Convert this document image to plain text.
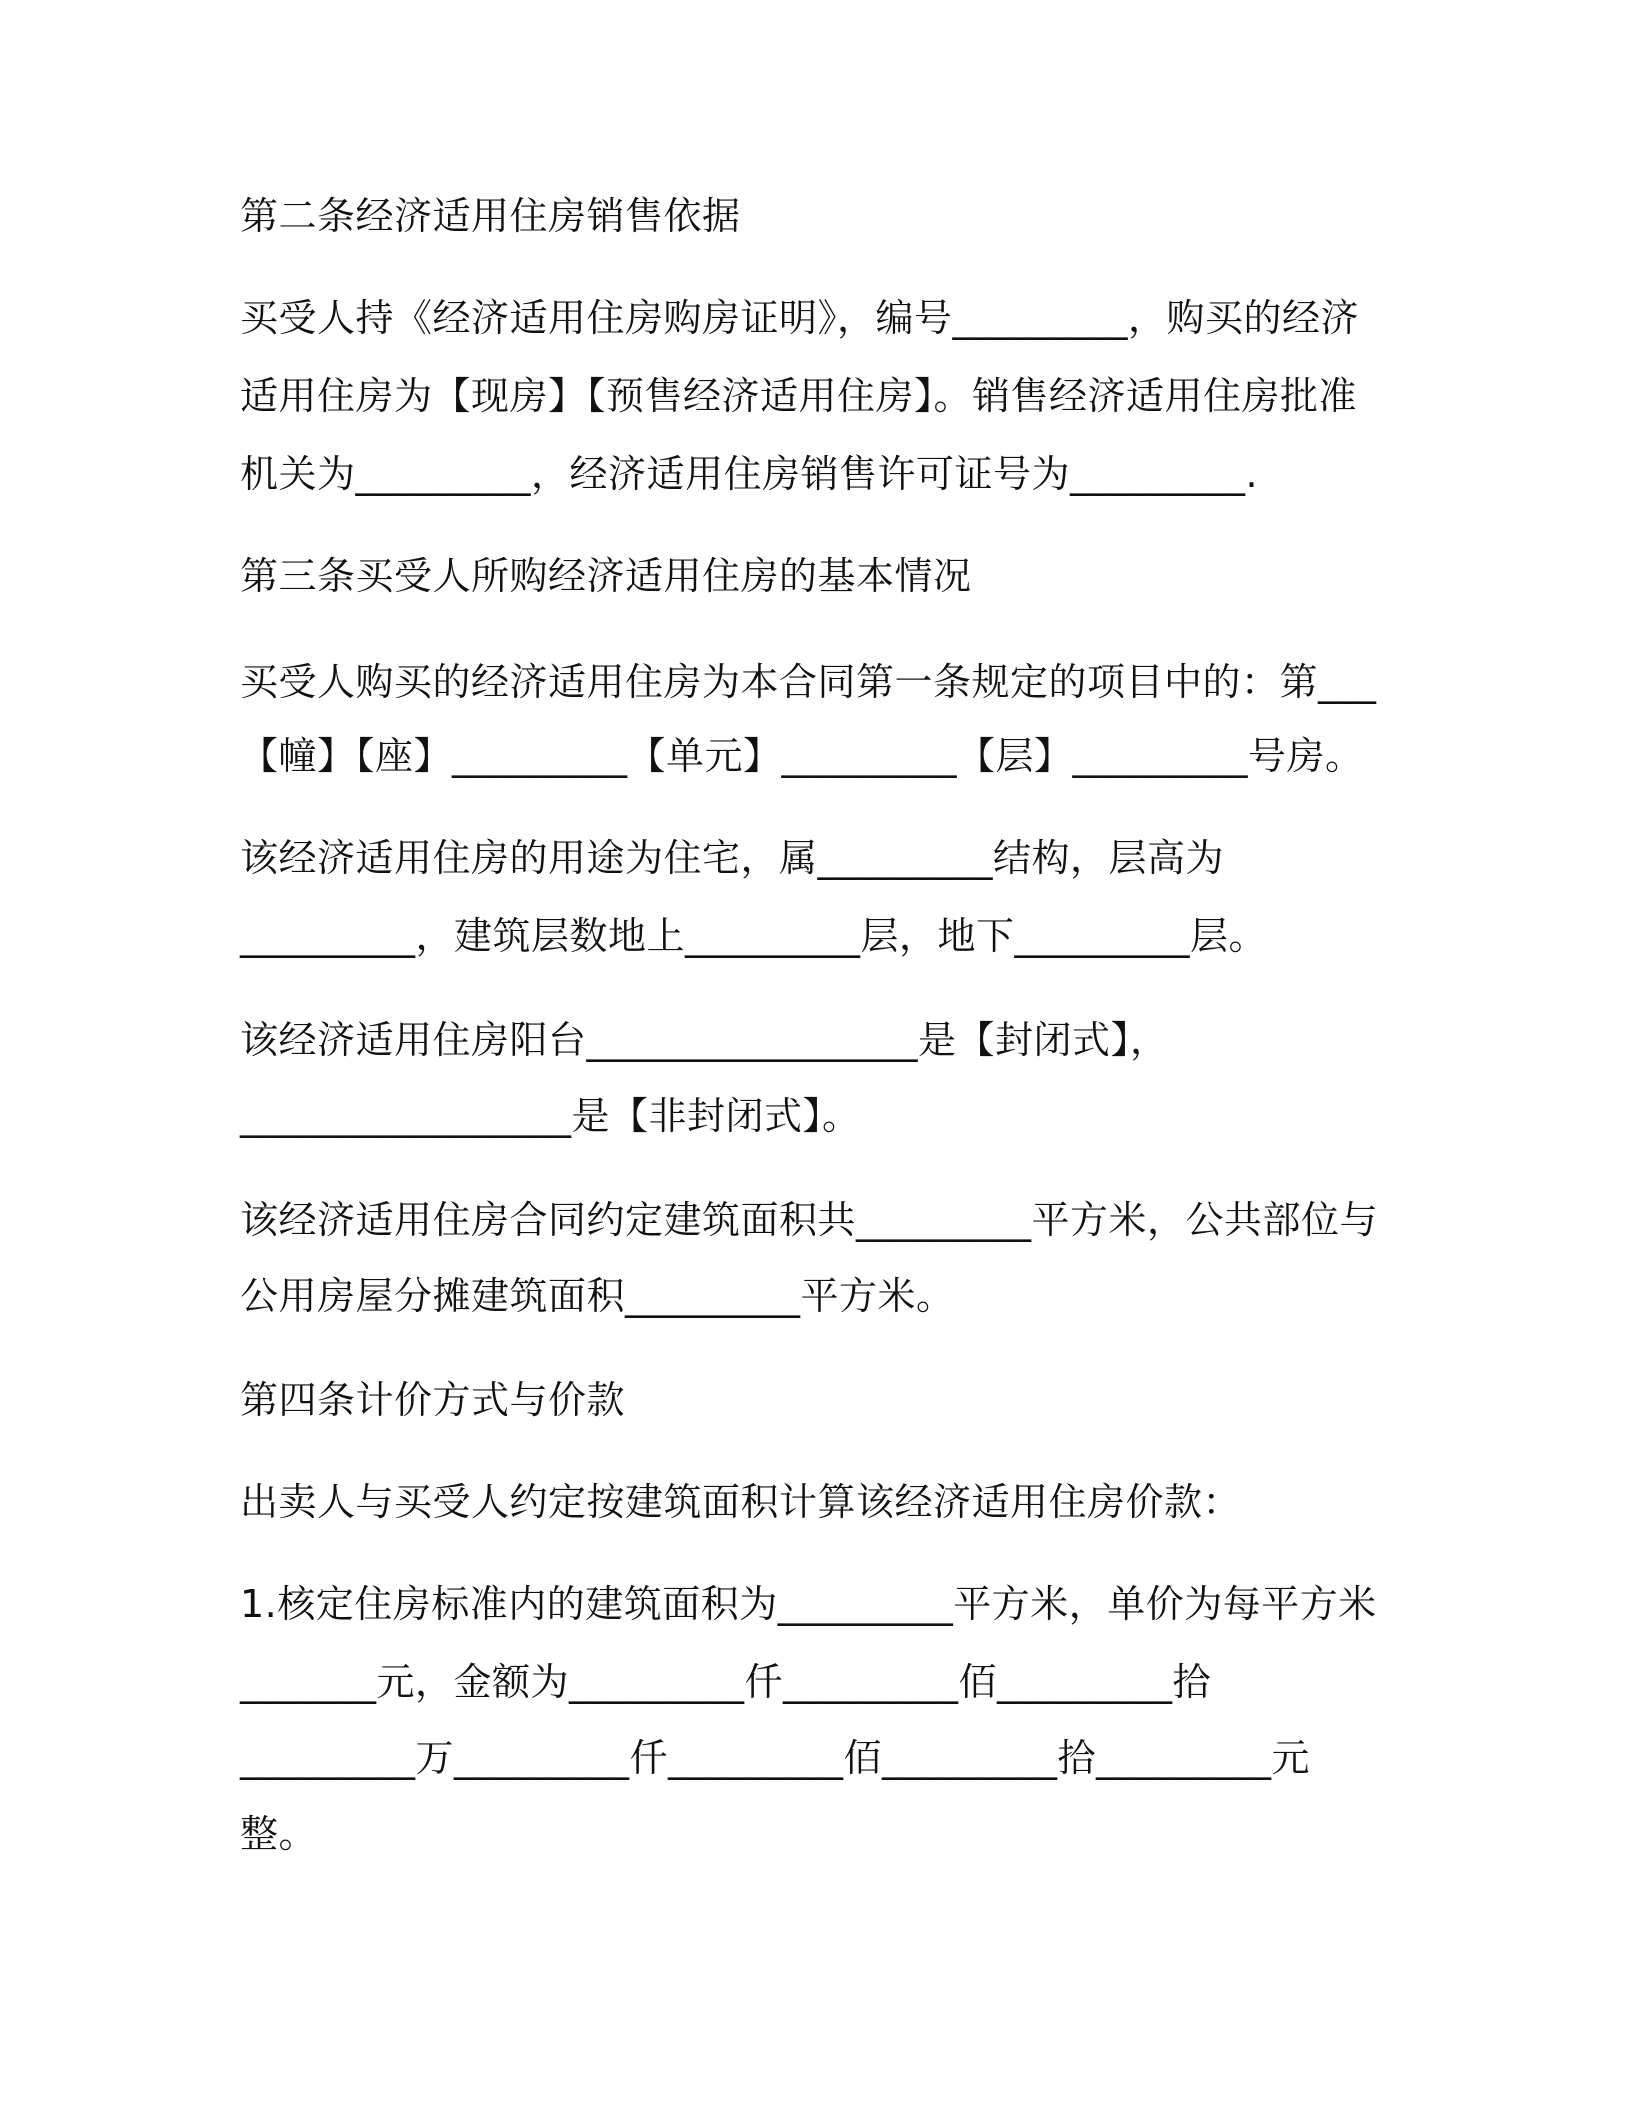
第二条经济适用住房销售依据
买受人持《经济适用住房购房证明》，编号_________，购买的经济
适用住房为【现房】【预售经济适用住房】。销售经济适用住房批准
机关为_________，经济适用住房销售许可证号为_________.
第三条买受人所购经济适用住房的基本情况
买受人购买的经济适用住房为本合同第一条规定的项目中的：第___
【幢】【座】_________【单元】_________【层】_________号房。
该经济适用住房的用途为住宅，属_________结构，层高为
_________，建筑层数地上_________层，地下_________层。
该经济适用住房阳台_________________是【封闭式】，
_________________是【非封闭式】。
该经济适用住房合同约定建筑面积共_________平方米，公共部位与
公用房屋分摊建筑面积_________平方米。
第四条计价方式与价款
出卖人与买受人约定按建筑面积计算该经济适用住房价款：
1.核定住房标准内的建筑面积为_________平方米，单价为每平方米
_______元，金额为_________仟_________佰_________拾
_________万_________仟_________佰_________拾_________元
整。
